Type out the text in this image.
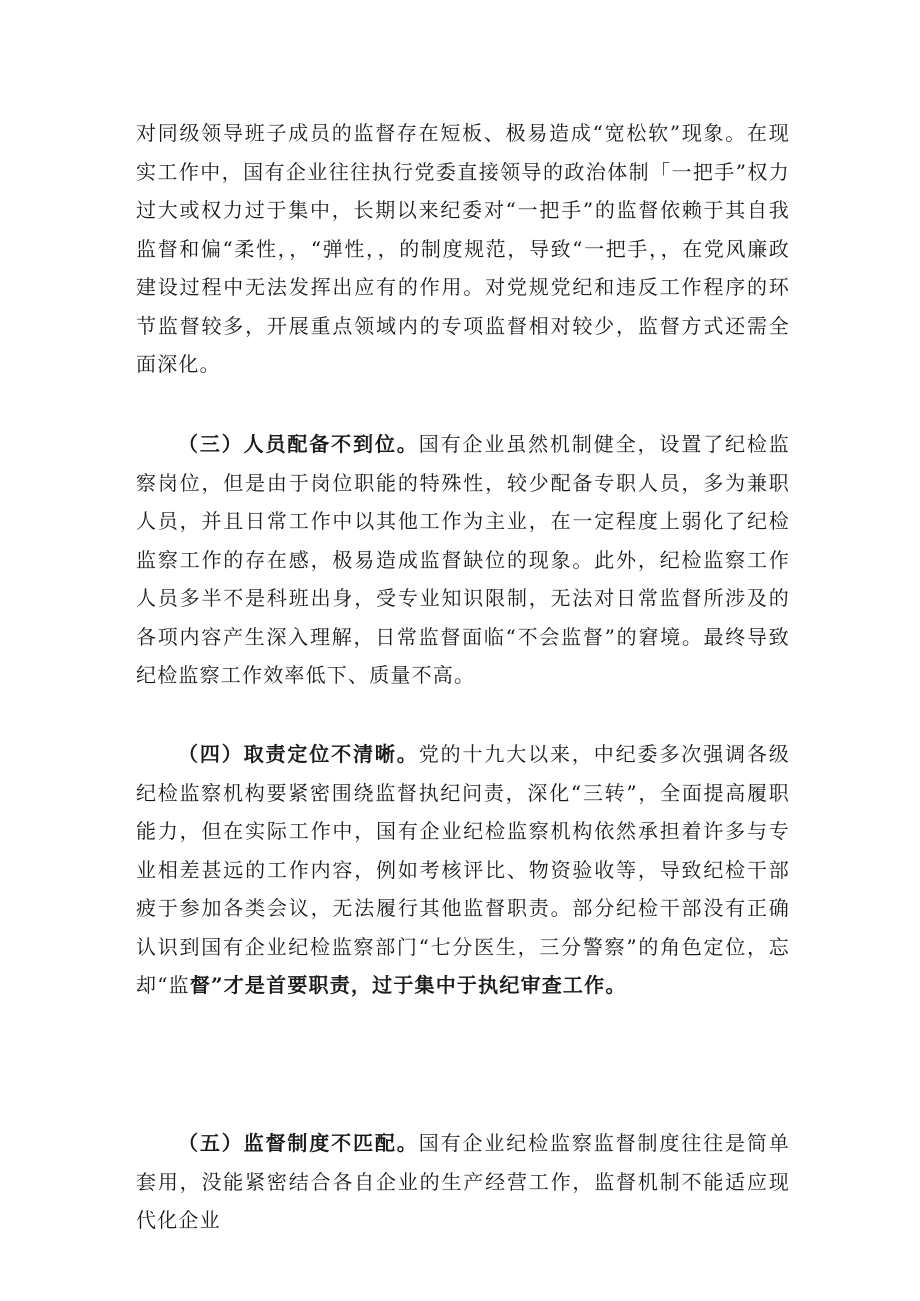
对同级领导班子成员的监督存在短板、极易造成“宽松软”现象。在现实工作中，国有企业往往执行党委直接领导的政治体制「一把手”权力过大或权力过于集中，长期以来纪委对“一把手”的监督依赖于其自我监督和偏“柔性，，“弹性，，的制度规范，导致“一把手，，在党风廉政建设过程中无法发挥出应有的作用。对党规党纪和违反工作程序的环节监督较多，开展重点领域内的专项监督相对较少，监督方式还需全面深化。

（三）人员配备不到位。国有企业虽然机制健全，设置了纪检监察岗位，但是由于岗位职能的特殊性，较少配备专职人员，多为兼职人员，并且日常工作中以其他工作为主业，在一定程度上弱化了纪检监察工作的存在感，极易造成监督缺位的现象。此外，纪检监察工作人员多半不是科班出身，受专业知识限制，无法对日常监督所涉及的各项内容产生深入理解，日常监督面临“不会监督”的窘境。最终导致纪检监察工作效率低下、质量不高。

（四）取责定位不清晰。党的十九大以来，中纪委多次强调各级纪检监察机构要紧密围绕监督执纪问责，深化“三转”，全面提高履职能力，但在实际工作中，国有企业纪检监察机构依然承担着许多与专业相差甚远的工作内容，例如考核评比、物资验收等，导致纪检干部疲于参加各类会议，无法履行其他监督职责。部分纪检干部没有正确认识到国有企业纪检监察部门“七分医生，三分警察”的角色定位，忘却“监督”才是首要职责，过于集中于执纪审查工作。

（五）监督制度不匹配。国有企业纪检监察监督制度往往是简单套用，没能紧密结合各自企业的生产经营工作，监督机制不能适应现代化企业
